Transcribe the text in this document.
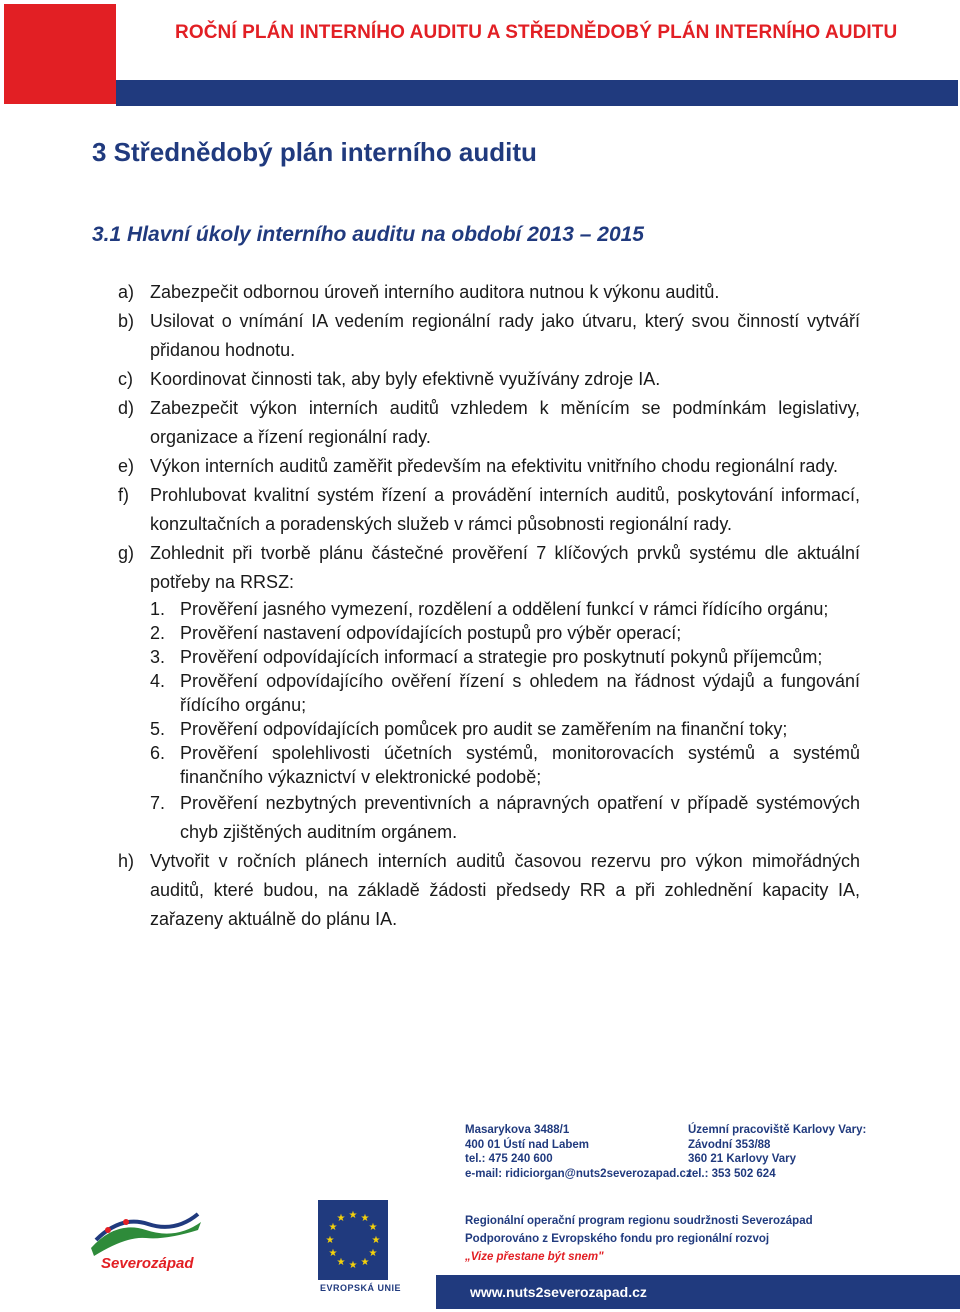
ROČNÍ PLÁN INTERNÍHO AUDITU A STŘEDNĚDOBÝ PLÁN INTERNÍHO AUDITU
3 Střednědobý plán interního auditu
3.1 Hlavní úkoly interního auditu na období 2013 – 2015
a) Zabezpečit odbornou úroveň interního auditora nutnou k výkonu auditů.
b) Usilovat o vnímání IA vedením regionální rady jako útvaru, který svou činností vytváří přidanou hodnotu.
c) Koordinovat činnosti tak, aby byly efektivně využívány zdroje IA.
d) Zabezpečit výkon interních auditů vzhledem k měnícím se podmínkám legislativy, organizace a řízení regionální rady.
e) Výkon interních auditů zaměřit především na efektivitu vnitřního chodu regionální rady.
f)	Prohlubovat kvalitní systém řízení a provádění interních auditů, poskytování informací, konzultačních a poradenských služeb v rámci působnosti regionální rady.
g) Zohlednit při tvorbě plánu částečné prověření 7 klíčových prvků systému dle aktuální potřeby na RRSZ:
1. Prověření jasného vymezení, rozdělení a oddělení funkcí v rámci řídícího orgánu;
2. Prověření nastavení odpovídajících postupů pro výběr operací;
3. Prověření odpovídajících informací a strategie pro poskytnutí pokynů příjemcům;
4. Prověření odpovídajícího ověření řízení s ohledem na řádnost výdajů a fungování řídícího orgánu;
5. Prověření odpovídajících pomůcek pro audit se zaměřením na finanční toky;
6. Prověření spolehlivosti účetních systémů, monitorovacích systémů a systémů finančního výkaznictví v elektronické podobě;
7. Prověření nezbytných preventivních a nápravných opatření v případě systémových chyb zjištěných auditním orgánem.
h) Vytvořit v ročních plánech interních auditů časovou rezervu pro výkon mimořádných auditů, které budou, na základě žádosti předsedy RR a při zohlednění kapacity IA, zařazeny aktuálně do plánu IA.
Masarykova 3488/1
400 01 Ústí nad Labem
tel.: 475 240 600
e-mail: ridiciorgan@nuts2severozapad.cz
Územní pracoviště Karlovy Vary:
Závodní 353/88
360 21 Karlovy Vary
tel.: 353 502 624
Severozápad
★ ★
★
★
★
★
★
★
★
★
★
★
EVROPSKÁ UNIE
Regionální operační program regionu soudržnosti Severozápad
Podporováno z Evropského fondu pro regionální rozvoj
„Vize přestane být snem"
www.nuts2severozapad.cz
